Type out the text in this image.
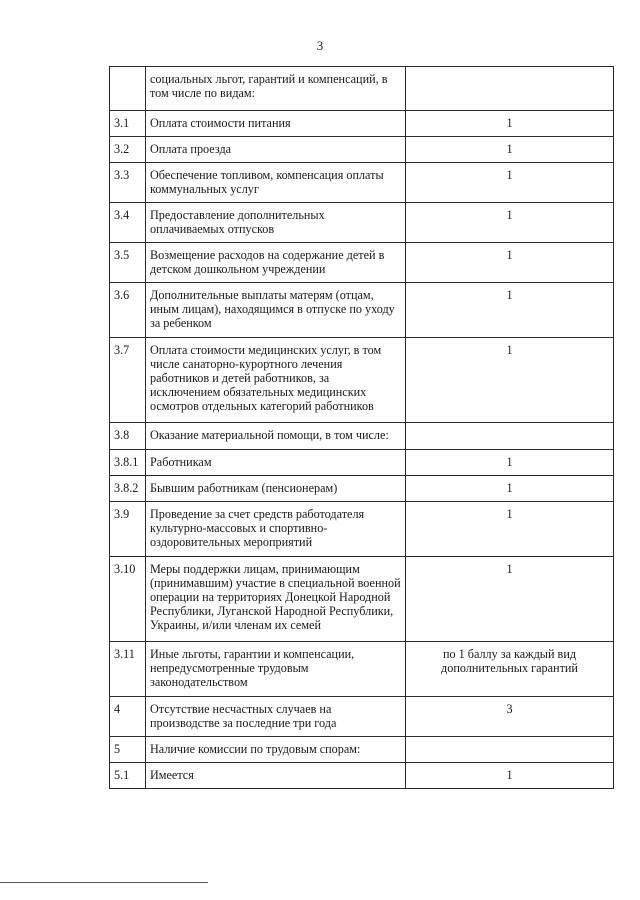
3
	социальных льгот, гарантий и компенсаций, в том числе по видам:	
3.1	Оплата стоимости питания	1
3.2	Оплата проезда	1
3.3	Обеспечение топливом, компенсация оплаты коммунальных услуг	1
3.4	Предоставление дополнительных оплачиваемых отпусков	1
3.5	Возмещение расходов на содержание детей в детском дошкольном учреждении	1
3.6	Дополнительные выплаты матерям (отцам, иным лицам), находящимся в отпуске по уходу за ребенком	1
3.7	Оплата стоимости медицинских услуг, в том числе санаторно-курортного лечения работников и детей работников, за исключением обязательных медицинских осмотров отдельных категорий работников	1
3.8	Оказание материальной помощи, в том числе:	
3.8.1	Работникам	1
3.8.2	Бывшим работникам (пенсионерам)	1
3.9	Проведение за счет средств работодателя культурно-массовых и спортивно-оздоровительных мероприятий	1
3.10	Меры поддержки лицам, принимающим (принимавшим) участие в специальной военной операции на территориях Донецкой Народной Республики, Луганской Народной Республики, Украины, и/или членам их семей	1
3.11	Иные льготы, гарантии и компенсации, непредусмотренные трудовым законодательством	по 1 баллу за каждый вид дополнительных гарантий
4	Отсутствие несчастных случаев на производстве за последние три года	3
5	Наличие комиссии по трудовым спорам:	
5.1	Имеется	1
